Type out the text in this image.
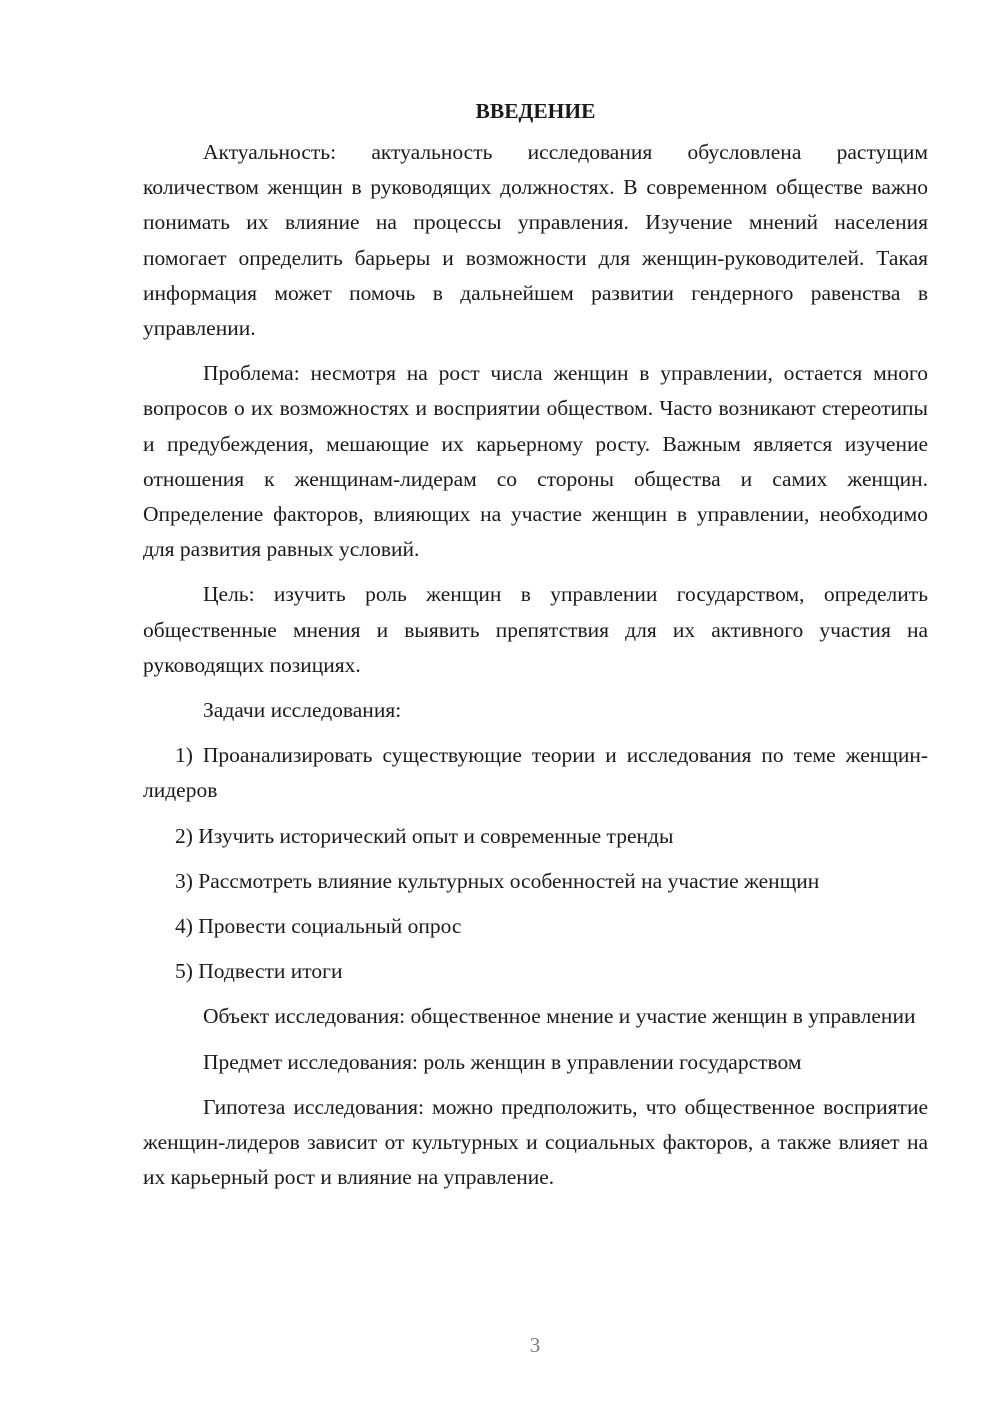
ВВЕДЕНИЕ

Актуальность: актуальность исследования обусловлена растущим количеством женщин в руководящих должностях. В современном обществе важно понимать их влияние на процессы управления. Изучение мнений населения помогает определить барьеры и возможности для женщин-руководителей. Такая информация может помочь в дальнейшем развитии гендерного равенства в управлении.

Проблема: несмотря на рост числа женщин в управлении, остается много вопросов о их возможностях и восприятии обществом. Часто возникают стереотипы и предубеждения, мешающие их карьерному росту. Важным является изучение отношения к женщинам-лидерам со стороны общества и самих женщин. Определение факторов, влияющих на участие женщин в управлении, необходимо для развития равных условий.

Цель: изучить роль женщин в управлении государством, определить общественные мнения и выявить препятствия для их активного участия на руководящих позициях.

Задачи исследования:

1) Проанализировать существующие теории и исследования по теме женщин-лидеров

2) Изучить исторический опыт и современные тренды

3) Рассмотреть влияние культурных особенностей на участие женщин

4) Провести социальный опрос

5) Подвести итоги

Объект исследования: общественное мнение и участие женщин в управлении

Предмет исследования: роль женщин в управлении государством

Гипотеза исследования: можно предположить, что общественное восприятие женщин-лидеров зависит от культурных и социальных факторов, а также влияет на их карьерный рост и влияние на управление.

3
